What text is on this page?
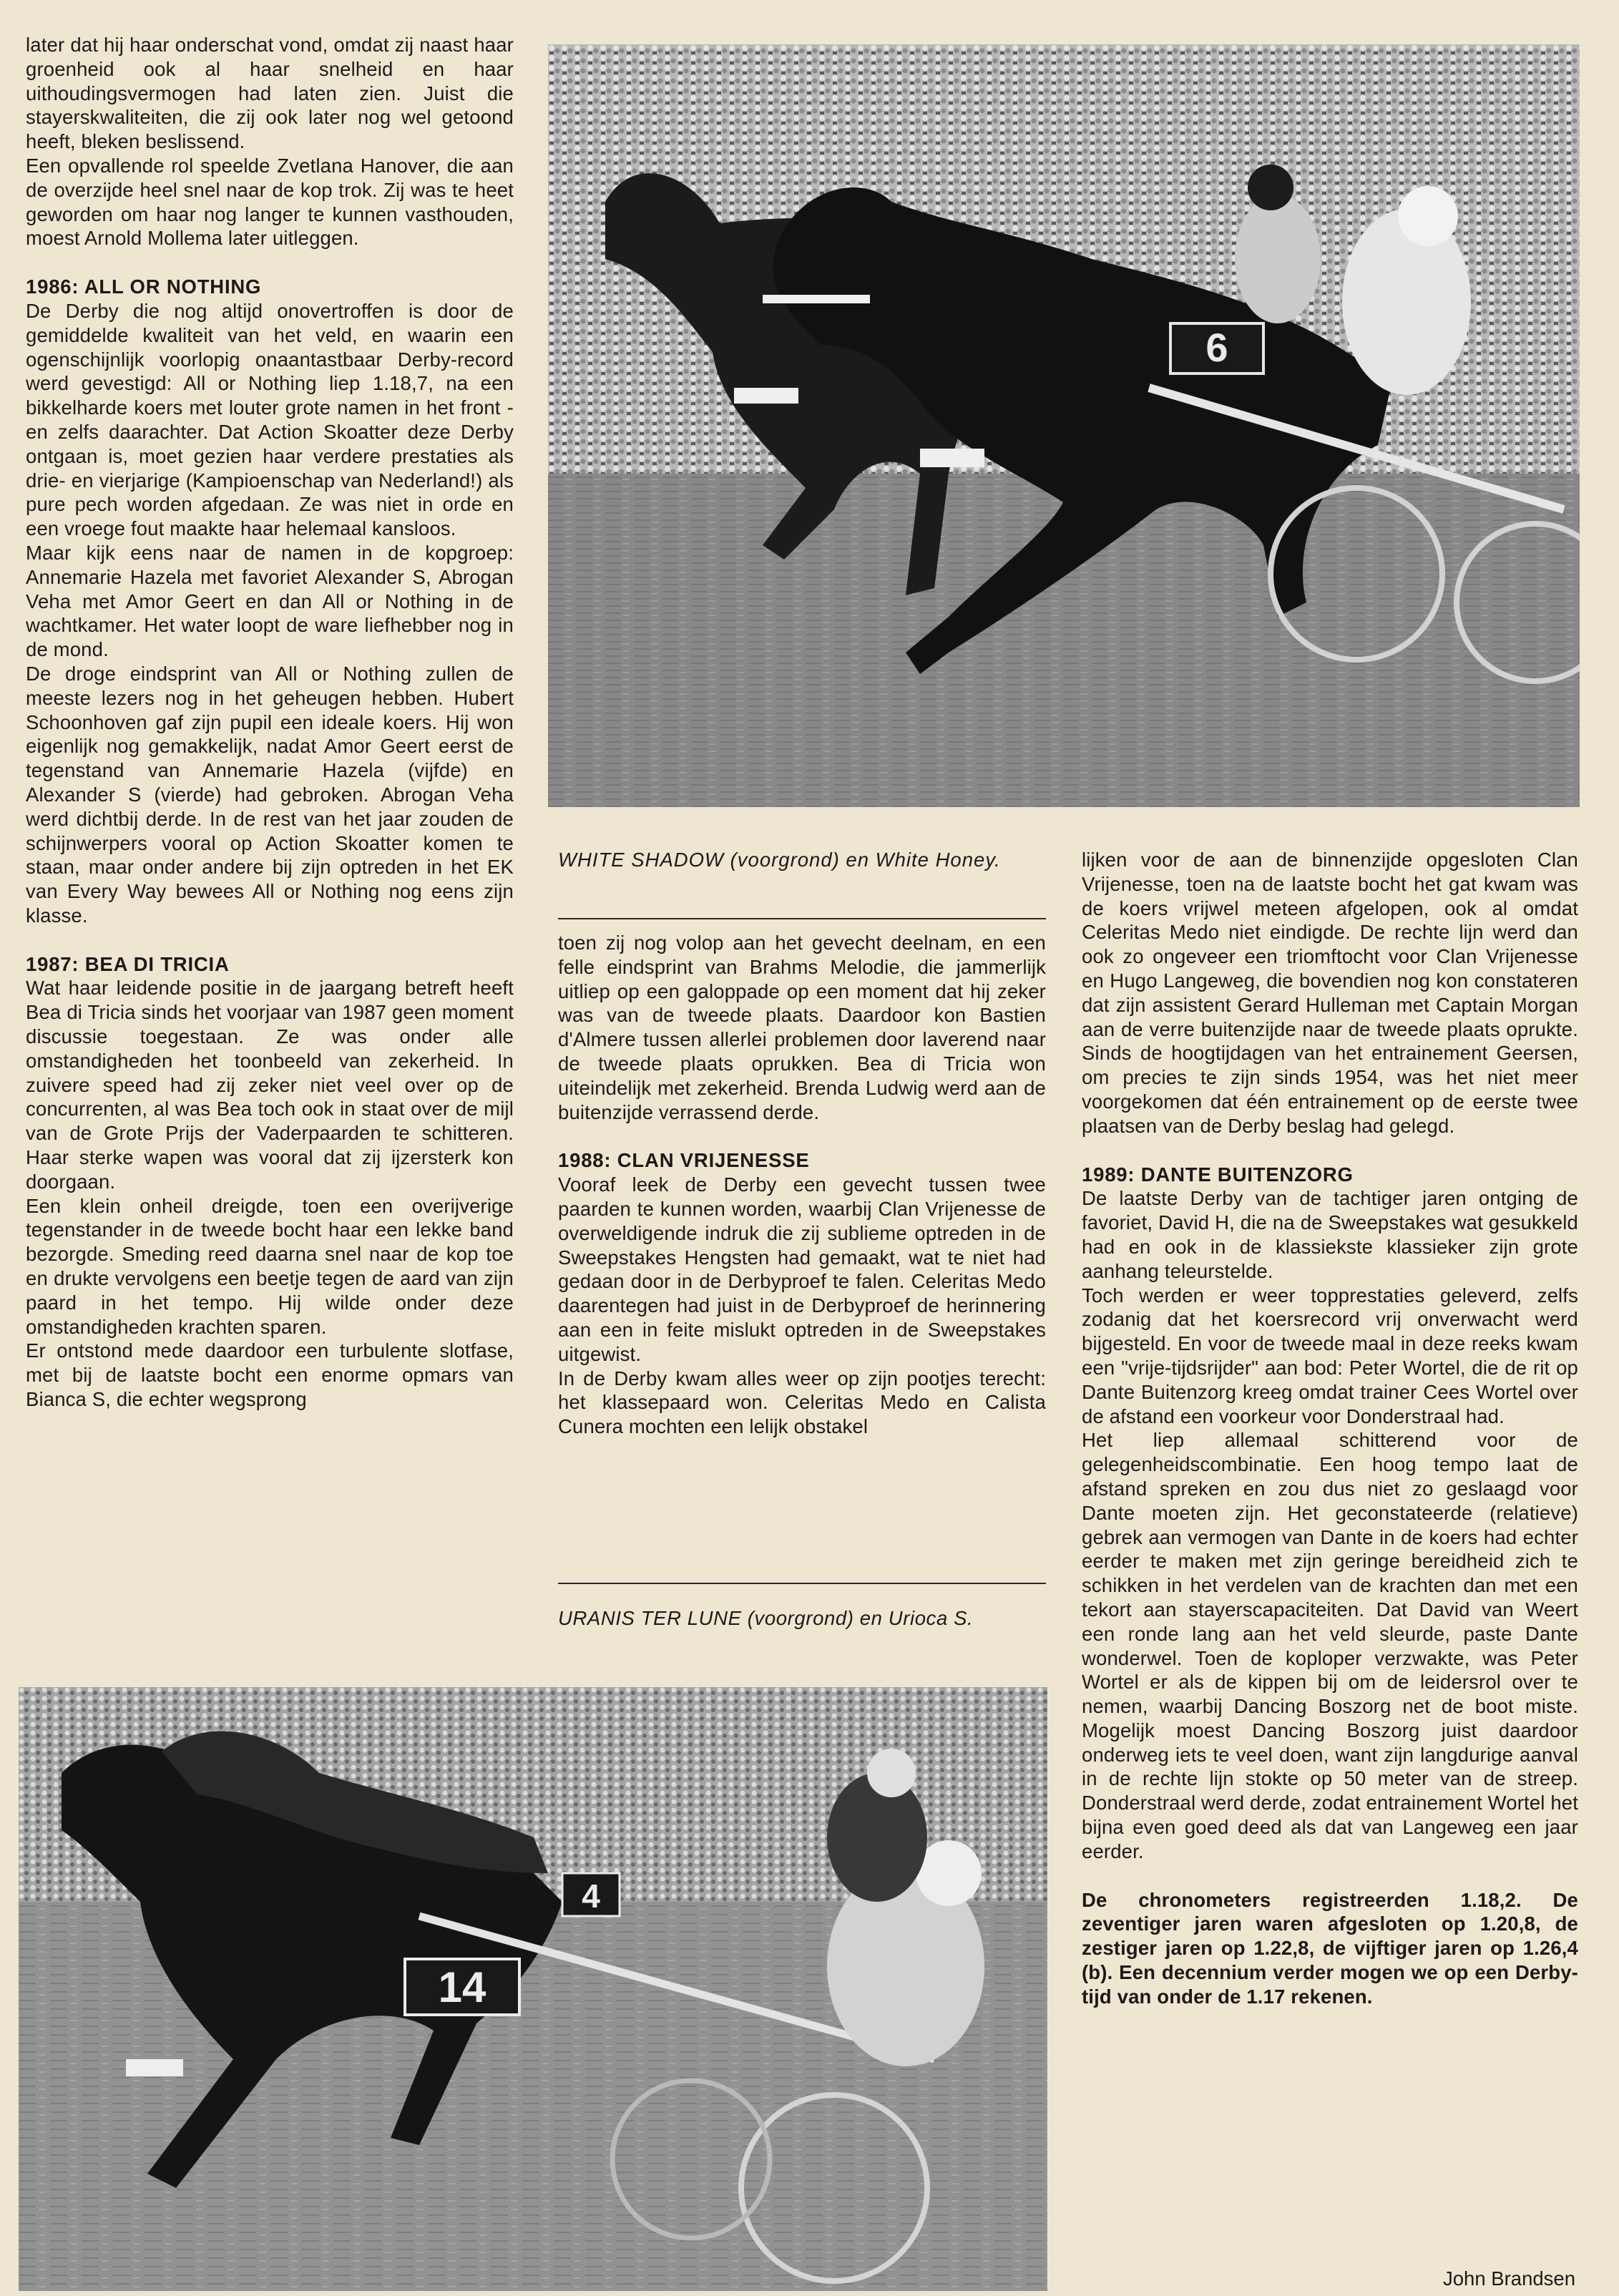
later dat hij haar onderschat vond, omdat zij naast haar groenheid ook al haar snelheid en haar uithoudingsvermogen had laten zien. Juist die stayerskwaliteiten, die zij ook later nog wel getoond heeft, bleken beslissend.

Een opvallende rol speelde Zvetlana Hanover, die aan de overzijde heel snel naar de kop trok. Zij was te heet geworden om haar nog langer te kunnen vasthouden, moest Arnold Mollema later uitleggen.

1986: ALL OR NOTHING

De Derby die nog altijd onovertroffen is door de gemiddelde kwaliteit van het veld, en waarin een ogenschijnlijk voorlopig onaantastbaar Derby-record werd gevestigd: All or Nothing liep 1.18,7, na een bikkelharde koers met louter grote namen in het front - en zelfs daarachter. Dat Action Skoatter deze Derby ontgaan is, moet gezien haar verdere prestaties als drie- en vierjarige (Kampioenschap van Nederland!) als pure pech worden afgedaan. Ze was niet in orde en een vroege fout maakte haar helemaal kansloos.

Maar kijk eens naar de namen in de kopgroep: Annemarie Hazela met favoriet Alexander S, Abrogan Veha met Amor Geert en dan All or Nothing in de wachtkamer. Het water loopt de ware liefhebber nog in de mond.

De droge eindsprint van All or Nothing zullen de meeste lezers nog in het geheugen hebben. Hubert Schoonhoven gaf zijn pupil een ideale koers. Hij won eigenlijk nog gemakkelijk, nadat Amor Geert eerst de tegenstand van Annemarie Hazela (vijfde) en Alexander S (vierde) had gebroken. Abrogan Veha werd dichtbij derde. In de rest van het jaar zouden de schijnwerpers vooral op Action Skoatter komen te staan, maar onder andere bij zijn optreden in het EK van Every Way bewees All or Nothing nog eens zijn klasse.

1987: BEA DI TRICIA

Wat haar leidende positie in de jaargang betreft heeft Bea di Tricia sinds het voorjaar van 1987 geen moment discussie toegestaan. Ze was onder alle omstandigheden het toonbeeld van zekerheid. In zuivere speed had zij zeker niet veel over op de concurrenten, al was Bea toch ook in staat over de mijl van de Grote Prijs der Vaderpaarden te schitteren. Haar sterke wapen was vooral dat zij ijzersterk kon doorgaan.

Een klein onheil dreigde, toen een overijverige tegenstander in de tweede bocht haar een lekke band bezorgde. Smeding reed daarna snel naar de kop toe en drukte vervolgens een beetje tegen de aard van zijn paard in het tempo. Hij wilde onder deze omstandigheden krachten sparen.

Er ontstond mede daardoor een turbulente slotfase, met bij de laatste bocht een enorme opmars van Bianca S, die echter wegsprong

6
WHITE SHADOW (voorgrond) en White Honey.

toen zij nog volop aan het gevecht deelnam, en een felle eindsprint van Brahms Melodie, die jammerlijk uitliep op een galoppade op een moment dat hij zeker was van de tweede plaats. Daardoor kon Bastien d'Almere tussen allerlei problemen door laverend naar de tweede plaats oprukken. Bea di Tricia won uiteindelijk met zekerheid. Brenda Ludwig werd aan de buitenzijde verrassend derde.

1988: CLAN VRIJENESSE

Vooraf leek de Derby een gevecht tussen twee paarden te kunnen worden, waarbij Clan Vrijenesse de overweldigende indruk die zij sublieme optreden in de Sweepstakes Hengsten had gemaakt, wat te niet had gedaan door in de Derbyproef te falen. Celeritas Medo daarentegen had juist in de Derbyproef de herinnering aan een in feite mislukt optreden in de Sweepstakes uitgewist.

In de Derby kwam alles weer op zijn pootjes terecht: het klassepaard won. Celeritas Medo en Calista Cunera mochten een lelijk obstakel

URANIS TER LUNE (voorgrond) en Urioca S.

lijken voor de aan de binnenzijde opgesloten Clan Vrijenesse, toen na de laatste bocht het gat kwam was de koers vrijwel meteen afgelopen, ook al omdat Celeritas Medo niet eindigde. De rechte lijn werd dan ook zo ongeveer een triomftocht voor Clan Vrijenesse en Hugo Langeweg, die bovendien nog kon constateren dat zijn assistent Gerard Hulleman met Captain Morgan aan de verre buitenzijde naar de tweede plaats oprukte. Sinds de hoogtijdagen van het entrainement Geersen, om precies te zijn sinds 1954, was het niet meer voorgekomen dat één entrainement op de eerste twee plaatsen van de Derby beslag had gelegd.

1989: DANTE BUITENZORG

De laatste Derby van de tachtiger jaren ontging de favoriet, David H, die na de Sweepstakes wat gesukkeld had en ook in de klassiekste klassieker zijn grote aanhang teleurstelde.

Toch werden er weer topprestaties geleverd, zelfs zodanig dat het koersrecord vrij onverwacht werd bijgesteld. En voor de tweede maal in deze reeks kwam een "vrije-tijdsrijder" aan bod: Peter Wortel, die de rit op Dante Buitenzorg kreeg omdat trainer Cees Wortel over de afstand een voorkeur voor Donderstraal had.

Het liep allemaal schitterend voor de gelegenheidscombinatie. Een hoog tempo laat de afstand spreken en zou dus niet zo geslaagd voor Dante moeten zijn. Het geconstateerde (relatieve) gebrek aan vermogen van Dante in de koers had echter eerder te maken met zijn geringe bereidheid zich te schikken in het verdelen van de krachten dan met een tekort aan stayerscapaciteiten. Dat David van Weert een ronde lang aan het veld sleurde, paste Dante wonderwel. Toen de koploper verzwakte, was Peter Wortel er als de kippen bij om de leidersrol over te nemen, waarbij Dancing Boszorg net de boot miste. Mogelijk moest Dancing Boszorg juist daardoor onderweg iets te veel doen, want zijn langdurige aanval in de rechte lijn stokte op 50 meter van de streep. Donderstraal werd derde, zodat entrainement Wortel het bijna even goed deed als dat van Langeweg een jaar eerder.

De chronometers registreerden 1.18,2. De zeventiger jaren waren afgesloten op 1.20,8, de zestiger jaren op 1.22,8, de vijftiger jaren op 1.26,4 (b). Een decennium verder mogen we op een Derby-tijd van onder de 1.17 rekenen.

14
4
John Brandsen
